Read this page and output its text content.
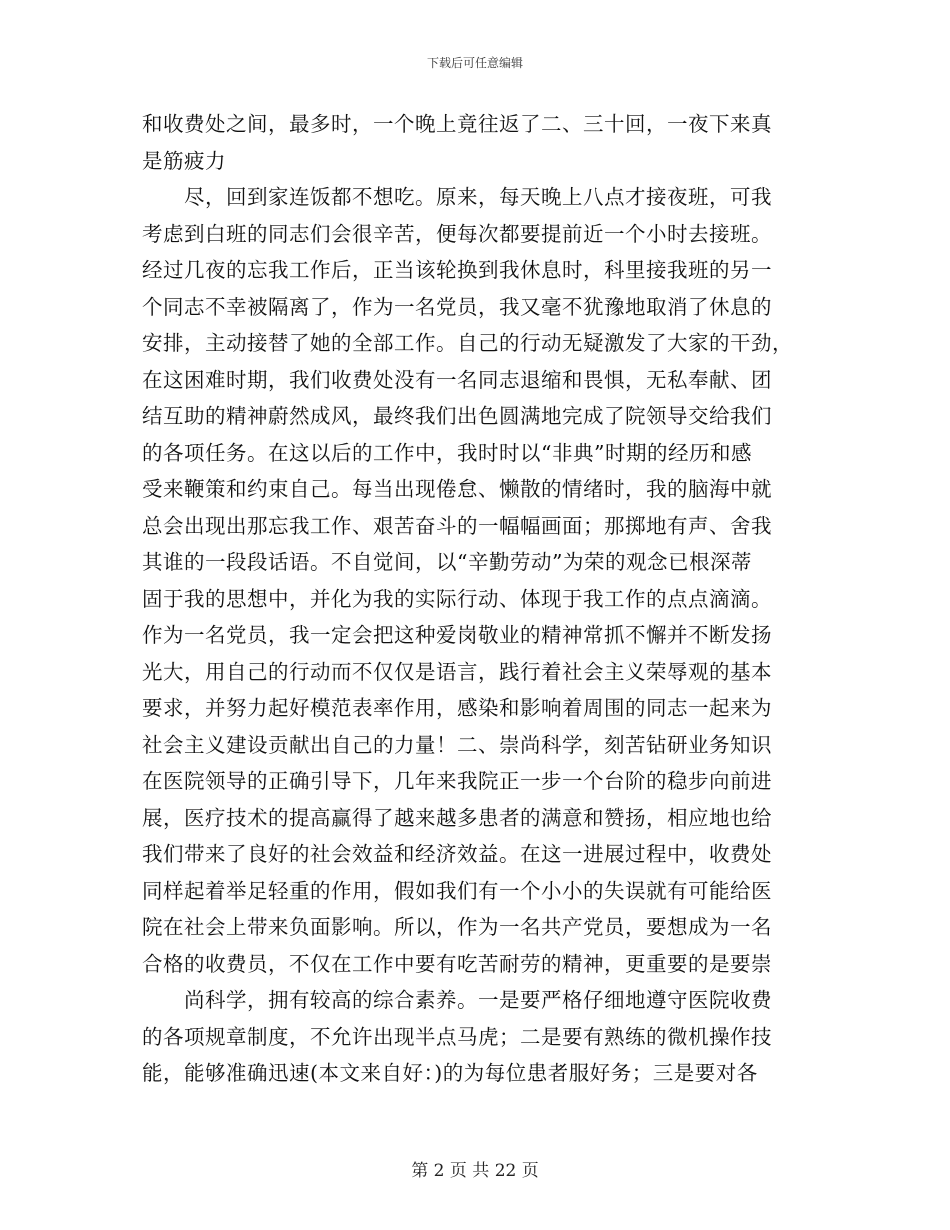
下载后可任意编辑
和收费处之间，最多时，一个晚上竟往返了二、三十回，一夜下来真
是筋疲力
尽，回到家连饭都不想吃。原来，每天晚上八点才接夜班，可我
考虑到白班的同志们会很辛苦，便每次都要提前近一个小时去接班。
经过几夜的忘我工作后，正当该轮换到我休息时，科里接我班的另一
个同志不幸被隔离了，作为一名党员，我又毫不犹豫地取消了休息的
安排，主动接替了她的全部工作。自己的行动无疑激发了大家的干劲，
在这困难时期，我们收费处没有一名同志退缩和畏惧，无私奉献、团
结互助的精神蔚然成风，最终我们出色圆满地完成了院领导交给我们
的各项任务。在这以后的工作中，我时时以“非典”时期的经历和感
受来鞭策和约束自己。每当出现倦怠、懒散的情绪时，我的脑海中就
总会出现出那忘我工作、艰苦奋斗的一幅幅画面；那掷地有声、舍我
其谁的一段段话语。不自觉间，以“辛勤劳动”为荣的观念已根深蒂
固于我的思想中，并化为我的实际行动、体现于我工作的点点滴滴。
作为一名党员，我一定会把这种爱岗敬业的精神常抓不懈并不断发扬
光大，用自己的行动而不仅仅是语言，践行着社会主义荣辱观的基本
要求，并努力起好模范表率作用，感染和影响着周围的同志一起来为
社会主义建设贡献出自己的力量！二、崇尚科学，刻苦钻研业务知识
在医院领导的正确引导下，几年来我院正一步一个台阶的稳步向前进
展，医疗技术的提高赢得了越来越多患者的满意和赞扬，相应地也给
我们带来了良好的社会效益和经济效益。在这一进展过程中，收费处
同样起着举足轻重的作用，假如我们有一个小小的失误就有可能给医
院在社会上带来负面影响。所以，作为一名共产党员，要想成为一名
合格的收费员，不仅在工作中要有吃苦耐劳的精神，更重要的是要崇
尚科学，拥有较高的综合素养。一是要严格仔细地遵守医院收费
的各项规章制度，不允许出现半点马虎；二是要有熟练的微机操作技
能，能够准确迅速(本文来自好：)的为每位患者服好务；三是要对各
第 2 页 共 22 页
